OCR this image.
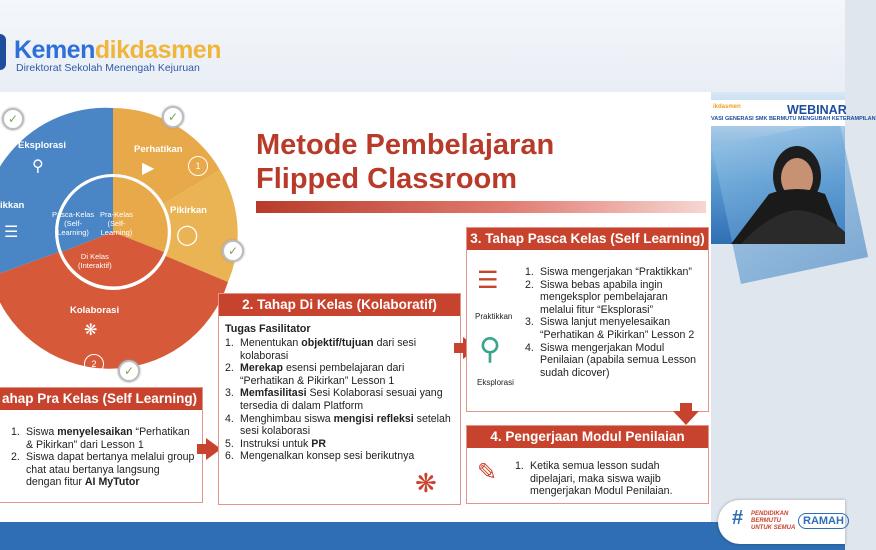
Kemendikdasmen
Direktorat Sekolah Menengah Kejuruan
Eksplorasi
⚲
Perhatikan
▶	1
Pikirkan
◯
ikkan
☰
Kolaborasi
❋
2
Pasca-Kelas
(Self-
Learning)
Pra-Kelas
(Self-
Learning)
Di Kelas
(Interaktif)
✓	✓
✓
✓
Metode Pembelajaran
Flipped Classroom
ahap Pra Kelas (Self Learning)
1. Siswa menyelesaikan “Perhatikan & Pikirkan” dari Lesson 1
2. Siswa dapat bertanya melalui group chat atau bertanya langsung dengan fitur AI MyTutor
2. Tahap Di Kelas (Kolaboratif)
Tugas Fasilitator
1. Menentukan objektif/tujuan dari sesi kolaborasi
2. Merekap esensi pembelajaran dari “Perhatikan & Pikirkan” Lesson 1
3. Memfasilitasi Sesi Kolaborasi sesuai yang tersedia di dalam Platform
4. Menghimbau siswa mengisi refleksi setelah sesi kolaborasi
5. Instruksi untuk PR
6. Mengenalkan konsep sesi berikutnya
❋
3. Tahap Pasca Kelas (Self Learning)
☰
Praktikkan
⚲
Eksplorasi
1. Siswa mengerjakan “Praktikkan”
2. Siswa bebas apabila ingin mengeksplor pembelajaran melalui fitur “Eksplorasi”
3. Siswa lanjut menyelesaikan “Perhatikan & Pikirkan” Lesson 2
4. Siswa mengerjakan Modul Penilaian (apabila semua Lesson sudah dicover)
4. Pengerjaan Modul Penilaian
✎ 1. Ketika semua lesson sudah dipelajari, maka siswa wajib mengerjakan Modul Penilaian.
ikdasmen	WEBINAR
VASI GENERASI SMK BERMUTU MENGUBAH KETERAMPILAN
# PENDIDIKAN
BERMUTU
UNTUK SEMUA
RAMAH
